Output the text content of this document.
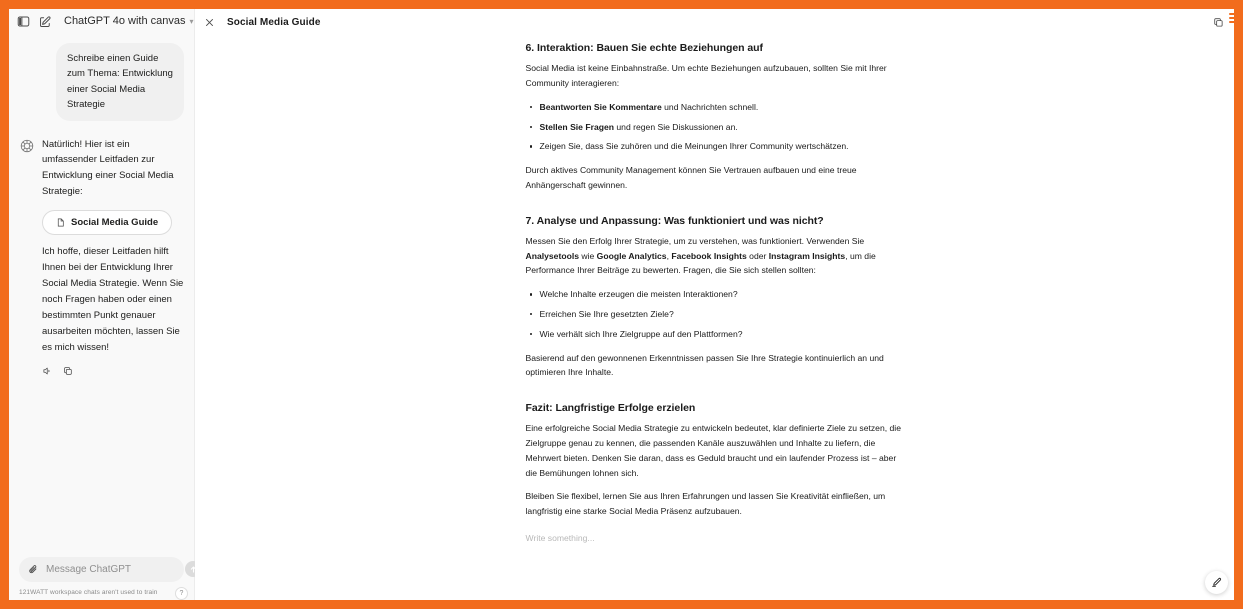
ChatGPT 4o with canvas ▾
Schreibe einen Guide zum Thema: Entwicklung einer Social Media Strategie
Natürlich! Hier ist ein umfassender Leitfaden zur Entwicklung einer Social Media Strategie:
Social Media Guide
Ich hoffe, dieser Leitfaden hilft Ihnen bei der Entwicklung Ihrer Social Media Strategie. Wenn Sie noch Fragen haben oder einen bestimmten Punkt genauer ausarbeiten möchten, lassen Sie es mich wissen!
Message ChatGPT
121WATT workspace chats aren't used to train	?
Social Media Guide
6. Interaktion: Bauen Sie echte Beziehungen auf

Social Media ist keine Einbahnstraße. Um echte Beziehungen aufzubauen, sollten Sie mit Ihrer Community interagieren:

Beantworten Sie Kommentare und Nachrichten schnell.
Stellen Sie Fragen und regen Sie Diskussionen an.
Zeigen Sie, dass Sie zuhören und die Meinungen Ihrer Community wertschätzen.

Durch aktives Community Management können Sie Vertrauen aufbauen und eine treue Anhängerschaft gewinnen.

7. Analyse und Anpassung: Was funktioniert und was nicht?

Messen Sie den Erfolg Ihrer Strategie, um zu verstehen, was funktioniert. Verwenden Sie Analysetools wie Google Analytics, Facebook Insights oder Instagram Insights, um die Performance Ihrer Beiträge zu bewerten. Fragen, die Sie sich stellen sollten:

Welche Inhalte erzeugen die meisten Interaktionen?
Erreichen Sie Ihre gesetzten Ziele?
Wie verhält sich Ihre Zielgruppe auf den Plattformen?

Basierend auf den gewonnenen Erkenntnissen passen Sie Ihre Strategie kontinuierlich an und optimieren Ihre Inhalte.

Fazit: Langfristige Erfolge erzielen

Eine erfolgreiche Social Media Strategie zu entwickeln bedeutet, klar definierte Ziele zu setzen, die Zielgruppe genau zu kennen, die passenden Kanäle auszuwählen und Inhalte zu liefern, die Mehrwert bieten. Denken Sie daran, dass es Geduld braucht und ein laufender Prozess ist – aber die Bemühungen lohnen sich.

Bleiben Sie flexibel, lernen Sie aus Ihren Erfahrungen und lassen Sie Kreativität einfließen, um langfristig eine starke Social Media Präsenz aufzubauen.

Write something...
